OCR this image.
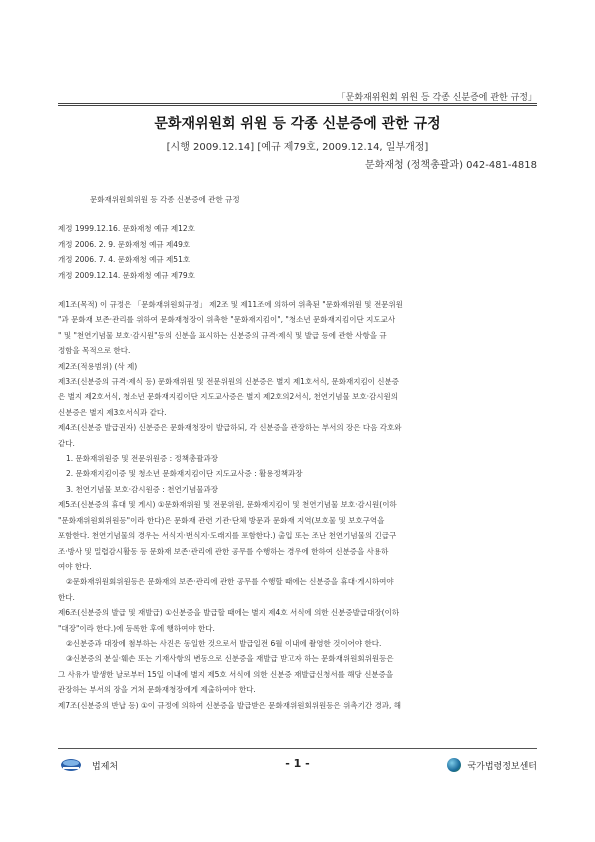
「문화재위원회 위원 등 각종 신분증에 관한 규정」
문화재위원회 위원 등 각종 신분증에 관한 규정
[시행 2009.12.14] [예규 제79호, 2009.12.14, 일부개정]
문화재청 (정책총괄과) 042-481-4818
문화재위원회위원 등 각종 신분증에 관한 규정
제정 1999.12.16. 문화재청 예규 제12호
개정 2006. 2. 9. 문화재청 예규 제49호
개정 2006. 7. 4. 문화재청 예규 제51호
개정 2009.12.14. 문화재청 예규 제79호
제1조(목적) 이 규정은 「문화재위원회규정」 제2조 및 제11조에 의하여 위촉된 "문화재위원 및 전문위원
"과 문화재 보존·관리를 위하여 문화재청장이 위촉한 "문화재지킴이", "청소년 문화재지킴이단 지도교사
" 및 "천연기념물 보호·감시원"등의 신분을 표시하는 신분증의 규격·제식 및 발급 등에 관한 사항을 규
정함을 목적으로 한다.
제2조(적용범위) (삭 제)
제3조(신분증의 규격·제식 등) 문화재위원 및 전문위원의 신분증은 별지 제1호서식, 문화재지킴이 신분증
은 별지 제2호서식, 청소년 문화재지킴이단 지도교사증은 별지 제2호의2서식, 천연기념물 보호·감시원의
신분증은 별지 제3호서식과 같다.
제4조(신분증 발급권자) 신분증은 문화재청장이 발급하되, 각 신분증을 관장하는 부서의 장은 다음 각호와
같다.
1. 문화재위원증 및 전문위원증 : 정책총괄과장
2. 문화재지킴이증 및 청소년 문화재지킴이단 지도교사증 : 활용정책과장
3. 천연기념물 보호·감시원증 : 천연기념물과장
제5조(신분증의 휴대 및 게시) ①문화재위원 및 전문위원, 문화재지킴이 및 천연기념물 보호·감시원(이하
"문화재위원회위원등"이라 한다)은 문화재 관련 기관·단체 방문과 문화재 지역(보호물 및 보호구역을
포함한다. 천연기념물의 경우는 서식지·번식지·도래지를 포함한다.) 출입 또는 조난 천연기념물의 긴급구
조·방사 및 밀렵감시활동 등 문화재 보존·관리에 관한 공무를 수행하는 경우에 한하여 신분증을 사용하
여야 한다.
②문화재위원회위원등은 문화재의 보존·관리에 관한 공무를 수행할 때에는 신분증을 휴대·게시하여야
한다.
제6조(신분증의 발급 및 재발급) ①신분증을 발급할 때에는 별지 제4호 서식에 의한 신분증발급대장(이하
"대장"이라 한다.)에 등록한 후에 행하여야 한다.
②신분증과 대장에 첨부하는 사진은 동일한 것으로서 발급일전 6월 이내에 촬영한 것이어야 한다.
③신분증의 분실·훼손 또는 기재사항의 변동으로 신분증을 재발급 받고자 하는 문화재위원회위원등은
그 사유가 발생한 날로부터 15일 이내에 별지 제5호 서식에 의한 신분증 재발급신청서를 해당 신분증을
관장하는 부서의 장을 거쳐 문화재청장에게 제출하여야 한다.
제7조(신분증의 반납 등) ①이 규정에 의하여 신분증을 발급받은 문화재위원회위원등은 위촉기간 경과, 해
법제처	- 1 -	국가법령정보센터
